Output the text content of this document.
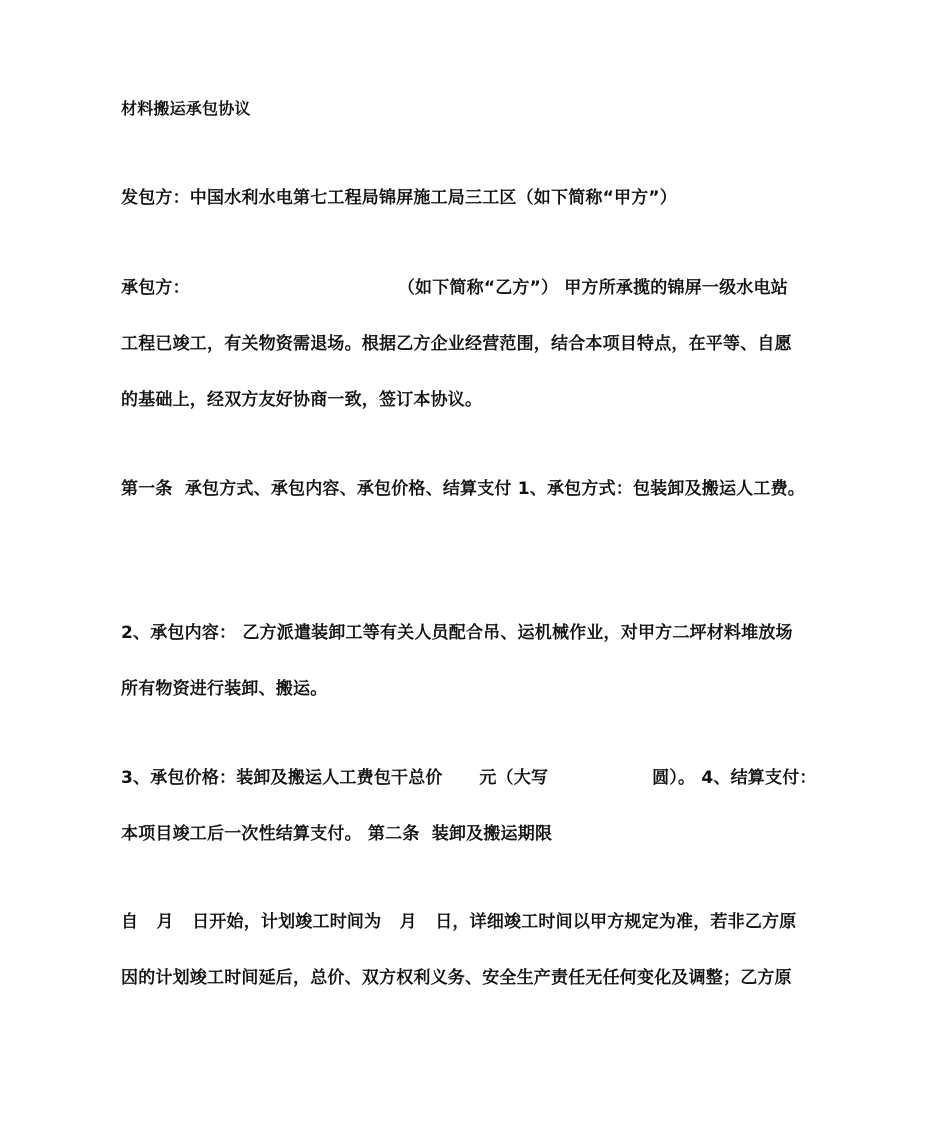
材料搬运承包协议
发包方：中国水利水电第七工程局锦屏施工局三工区（如下简称“甲方”）
承包方：                                  （如下简称“乙方”） 甲方所承揽的锦屏一级水电站
工程已竣工，有关物资需退场。根据乙方企业经营范围，结合本项目特点，在平等、自愿
的基础上，经双方友好协商一致，签订本协议。
第一条  承包方式、承包内容、承包价格、结算支付 1、承包方式：包装卸及搬运人工费。
2、承包内容： 乙方派遣装卸工等有关人员配合吊、运机械作业，对甲方二坪材料堆放场
所有物资进行装卸、搬运。
3、承包价格：装卸及搬运人工费包干总价      元（大写                 圆）。 4、结算支付：
本项目竣工后一次性结算支付。 第二条  装卸及搬运期限
自   月   日开始，计划竣工时间为   月   日，详细竣工时间以甲方规定为准，若非乙方原
因的计划竣工时间延后，总价、双方权利义务、安全生产责任无任何变化及调整；乙方原
